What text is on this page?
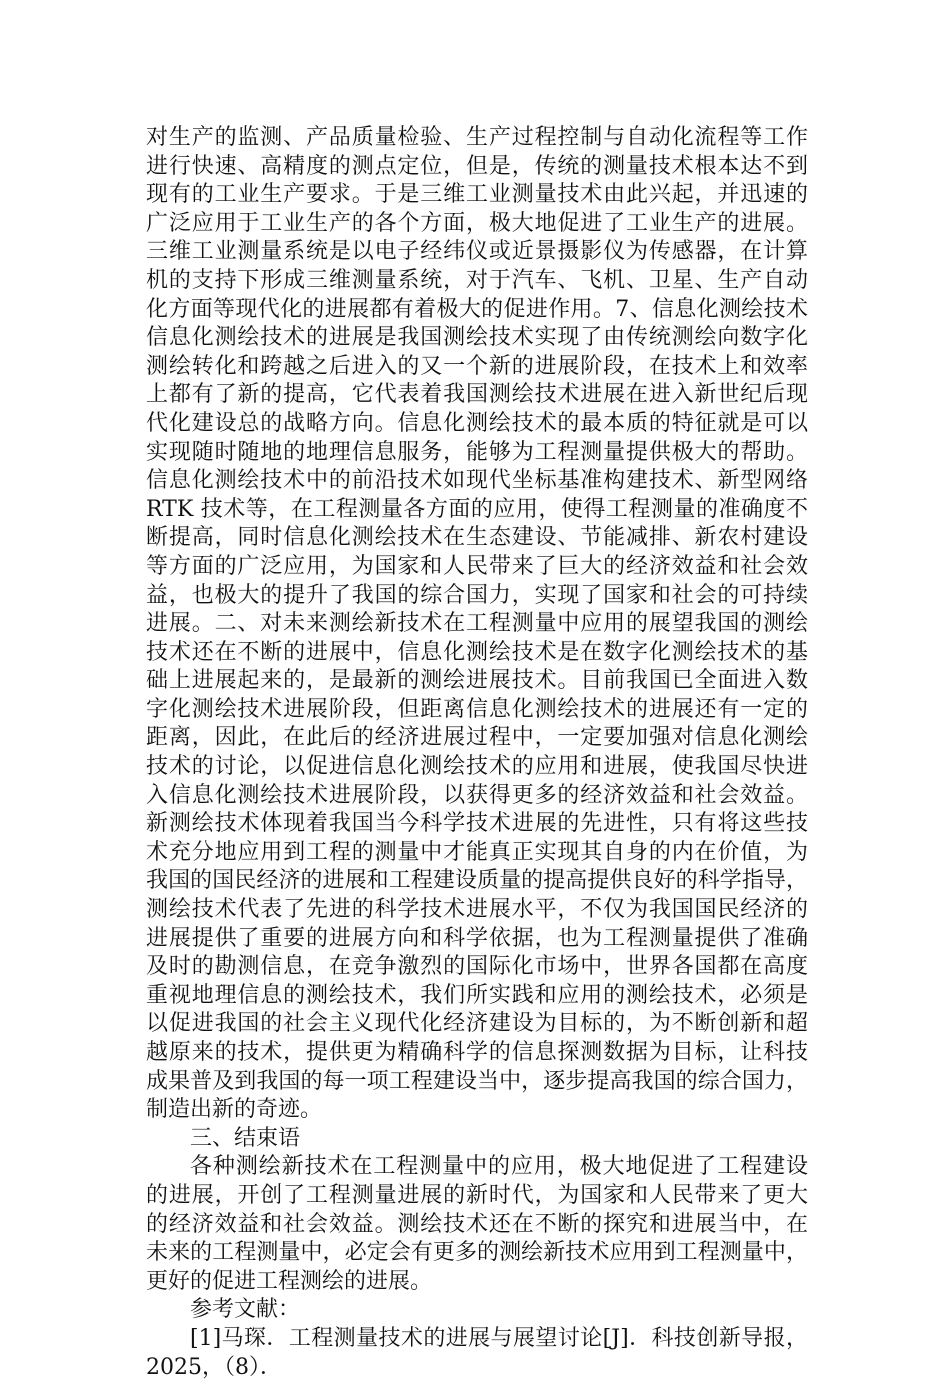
对生产的监测、产品质量检验、生产过程控制与自动化流程等工作
进行快速、高精度的测点定位，但是，传统的测量技术根本达不到
现有的工业生产要求。于是三维工业测量技术由此兴起，并迅速的
广泛应用于工业生产的各个方面，极大地促进了工业生产的进展。
三维工业测量系统是以电子经纬仪或近景摄影仪为传感器，在计算
机的支持下形成三维测量系统，对于汽车、飞机、卫星、生产自动
化方面等现代化的进展都有着极大的促进作用。7、信息化测绘技术
信息化测绘技术的进展是我国测绘技术实现了由传统测绘向数字化
测绘转化和跨越之后进入的又一个新的进展阶段，在技术上和效率
上都有了新的提高，它代表着我国测绘技术进展在进入新世纪后现
代化建设总的战略方向。信息化测绘技术的最本质的特征就是可以
实现随时随地的地理信息服务，能够为工程测量提供极大的帮助。
信息化测绘技术中的前沿技术如现代坐标基准构建技术、新型网络
RTK 技术等，在工程测量各方面的应用，使得工程测量的准确度不
断提高，同时信息化测绘技术在生态建设、节能减排、新农村建设
等方面的广泛应用，为国家和人民带来了巨大的经济效益和社会效
益，也极大的提升了我国的综合国力，实现了国家和社会的可持续
进展。二、对未来测绘新技术在工程测量中应用的展望我国的测绘
技术还在不断的进展中，信息化测绘技术是在数字化测绘技术的基
础上进展起来的，是最新的测绘进展技术。目前我国已全面进入数
字化测绘技术进展阶段，但距离信息化测绘技术的进展还有一定的
距离，因此，在此后的经济进展过程中，一定要加强对信息化测绘
技术的讨论，以促进信息化测绘技术的应用和进展，使我国尽快进
入信息化测绘技术进展阶段，以获得更多的经济效益和社会效益。
新测绘技术体现着我国当今科学技术进展的先进性，只有将这些技
术充分地应用到工程的测量中才能真正实现其自身的内在价值，为
我国的国民经济的进展和工程建设质量的提高提供良好的科学指导，
测绘技术代表了先进的科学技术进展水平，不仅为我国国民经济的
进展提供了重要的进展方向和科学依据，也为工程测量提供了准确
及时的勘测信息，在竞争激烈的国际化市场中，世界各国都在高度
重视地理信息的测绘技术，我们所实践和应用的测绘技术，必须是
以促进我国的社会主义现代化经济建设为目标的，为不断创新和超
越原来的技术，提供更为精确科学的信息探测数据为目标，让科技
成果普及到我国的每一项工程建设当中，逐步提高我国的综合国力，
制造出新的奇迹。
三、结束语
各种测绘新技术在工程测量中的应用，极大地促进了工程建设
的进展，开创了工程测量进展的新时代，为国家和人民带来了更大
的经济效益和社会效益。测绘技术还在不断的探究和进展当中，在
未来的工程测量中，必定会有更多的测绘新技术应用到工程测量中，
更好的促进工程测绘的进展。
参考文献：
[1]马琛．工程测量技术的进展与展望讨论[J]．科技创新导报，
2025，（8）．
